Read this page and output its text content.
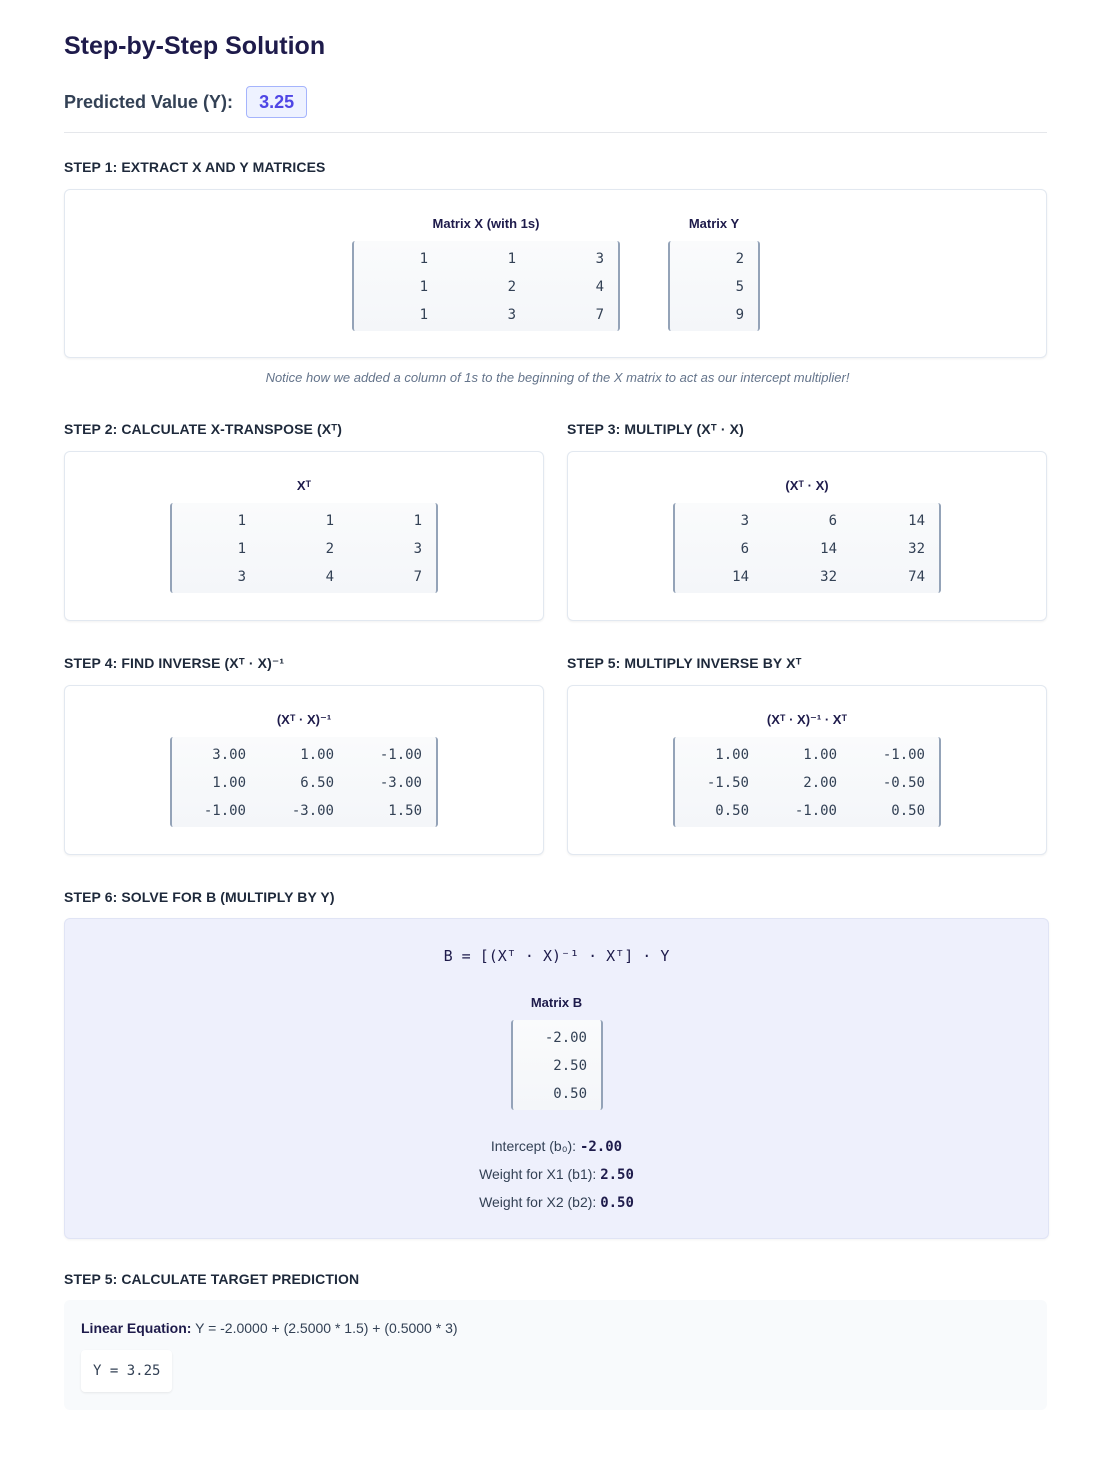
Step-by-Step Solution
Predicted Value (Y):	3.25
STEP 1: EXTRACT X AND Y MATRICES
Matrix X (with 1s)
1	1	3
1	2	4
1	3	7
Matrix Y
2
5
9
Notice how we added a column of 1s to the beginning of the X matrix to act as our intercept multiplier!
STEP 2: CALCULATE X-TRANSPOSE (Xᵀ)
Xᵀ
1	1	1
1	2	3
3	4	7
STEP 3: MULTIPLY (Xᵀ · X)
(Xᵀ · X)
3	6	14
6	14	32
14	32	74
STEP 4: FIND INVERSE (Xᵀ · X)⁻¹
(Xᵀ · X)⁻¹
3.00	1.00	-1.00
1.00	6.50	-3.00
-1.00	-3.00	1.50
STEP 5: MULTIPLY INVERSE BY Xᵀ
(Xᵀ · X)⁻¹ · Xᵀ
1.00	1.00	-1.00
-1.50	2.00	-0.50
0.50	-1.00	0.50
STEP 6: SOLVE FOR B (MULTIPLY BY Y)
B = [(Xᵀ · X)⁻¹ · Xᵀ] · Y
Matrix B
-2.00
2.50
0.50
Intercept (b₀): -2.00
Weight for X1 (b1): 2.50
Weight for X2 (b2): 0.50
STEP 5: CALCULATE TARGET PREDICTION
Linear Equation: Y = -2.0000 + (2.5000 * 1.5) + (0.5000 * 3)
Y = 3.25
